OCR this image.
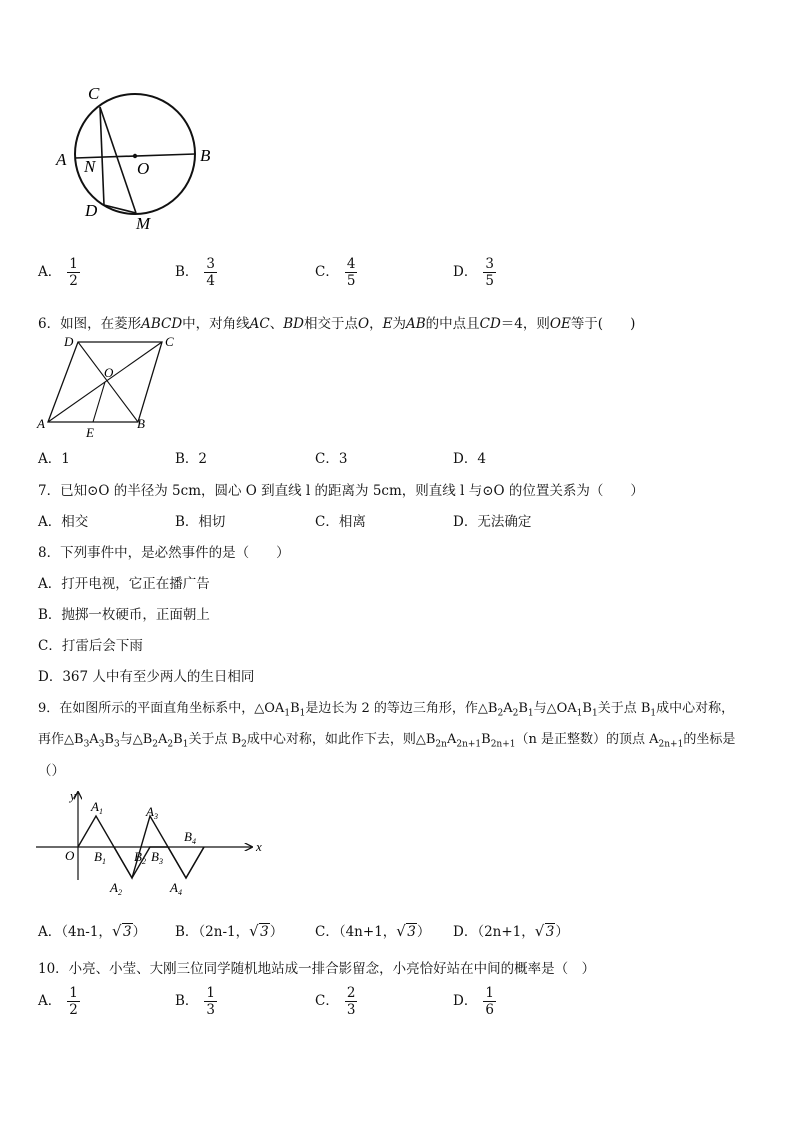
C
A N O
B
D
M
A． $\frac{1}{2}$	B． $\frac{3}{4}$	C． $\frac{4}{5}$	D． $\frac{3}{5}$
6．如图，在菱形ABCD中，对角线AC、BD相交于点O，E为AB的中点且CD＝4，则OE等于(　　)
D	C
O
A
E
B
A．1	B．2	C．3	D．4
7．已知⊙O 的半径为 5cm，圆心 O 到直线 l 的距离为 5cm，则直线 l 与⊙O 的位置关系为（　　）
A．相交	B．相切	C．相离	D．无法确定
8．下列事件中，是必然事件的是（　　）
A．打开电视，它正在播广告
B．抛掷一枚硬币，正面朝上
C．打雷后会下雨
D．367 人中有至少两人的生日相同
9．在如图所示的平面直角坐标系中，$\triangle OA_1B_1$是边长为 2 的等边三角形，作$\triangle B_2A_2B_1$与$\triangle OA_1B_1$关于点 $B_1$成中心对称，
再作$\triangle B_3A_3B_3$与$\triangle B_2A_2B_1$关于点 $B_2$成中心对称，如此作下去，则$\triangle B_{2n}A_{2n+1}B_{2n+1}(n$ 是正整数）的顶点 $A_{2n+1}$的坐标是
（）
y
x
O
$A_1$
$B_1$
$A_2$
$B_2$
$A_3$
$B_3$
$A_4$
$B_4$
A．（4n-1， √ 3） B．（2n-1， √ 3） C．（4n+1， √ 3） D．（2n+1， √ 3）
10．小亮、小莹、大刚三位同学随机地站成一排合影留念，小亮恰好站在中间的概率是（　）
A． $\frac{1}{2}$	B． $\frac{1}{3}$	C． $\frac{2}{3}$	D． $\frac{1}{6}$
